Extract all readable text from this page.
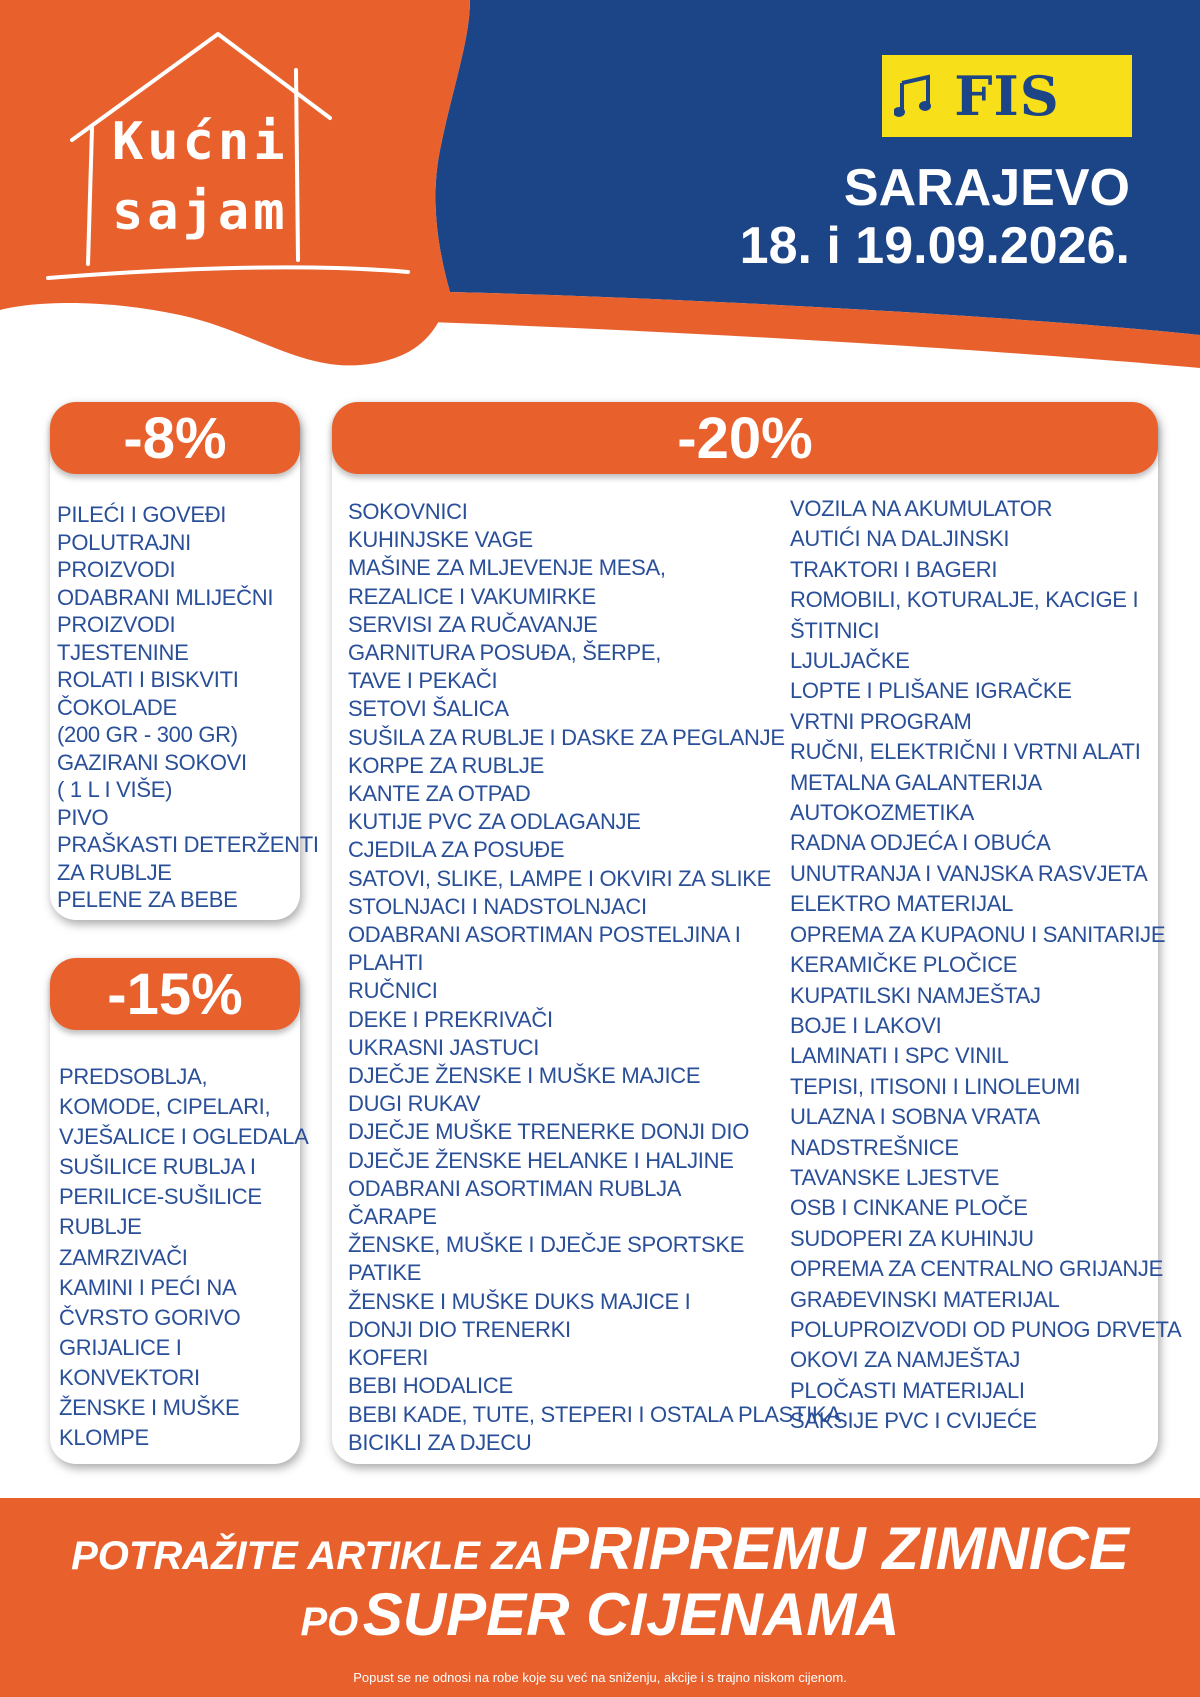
Kućni
sajam
FIS
SARAJEVO
18. i 19.09.2026.
-8%
PILEĆI I GOVEĐI
POLUTRAJNI
PROIZVODI
ODABRANI MLIJEČNI
PROIZVODI
TJESTENINE
ROLATI I BISKVITI
ČOKOLADE
(200 GR - 300 GR)
GAZIRANI SOKOVI
( 1 L I VIŠE)
PIVO
PRAŠKASTI DETERŽENTI
ZA RUBLJE
PELENE ZA BEBE
-15%
PREDSOBLJA,
KOMODE, CIPELARI,
VJEŠALICE I OGLEDALA
SUŠILICE RUBLJA I
PERILICE-SUŠILICE
RUBLJE
ZAMRZIVAČI
KAMINI I PEĆI NA
ČVRSTO GORIVO
GRIJALICE I
KONVEKTORI
ŽENSKE I MUŠKE
KLOMPE
-20%
SOKOVNICI
KUHINJSKE VAGE
MAŠINE ZA MLJEVENJE MESA,
REZALICE I VAKUMIRKE
SERVISI ZA RUČAVANJE
GARNITURA POSUĐA, ŠERPE,
TAVE I PEKAČI
SETOVI ŠALICA
SUŠILA ZA RUBLJE I DASKE ZA PEGLANJE
KORPE ZA RUBLJE
KANTE ZA OTPAD
KUTIJE PVC ZA ODLAGANJE
CJEDILA ZA POSUĐE
SATOVI, SLIKE, LAMPE I OKVIRI ZA SLIKE
STOLNJACI I NADSTOLNJACI
ODABRANI ASORTIMAN POSTELJINA I
PLAHTI
RUČNICI
DEKE I PREKRIVAČI
UKRASNI JASTUCI
DJEČJE ŽENSKE I MUŠKE MAJICE
DUGI RUKAV
DJEČJE MUŠKE TRENERKE DONJI DIO
DJEČJE ŽENSKE HELANKE I HALJINE
ODABRANI ASORTIMAN RUBLJA
ČARAPE
ŽENSKE, MUŠKE I DJEČJE SPORTSKE
PATIKE
ŽENSKE I MUŠKE DUKS MAJICE I
DONJI DIO TRENERKI
KOFERI
BEBI HODALICE
BEBI KADE, TUTE, STEPERI I OSTALA PLASTIKA
BICIKLI ZA DJECU
VOZILA NA AKUMULATOR
AUTIĆI NA DALJINSKI
TRAKTORI I BAGERI
ROMOBILI, KOTURALJE, KACIGE I
ŠTITNICI
LJULJAČKE
LOPTE I PLIŠANE IGRAČKE
VRTNI PROGRAM
RUČNI, ELEKTRIČNI I VRTNI ALATI
METALNA GALANTERIJA
AUTOKOZMETIKA
RADNA ODJEĆA I OBUĆA
UNUTRANJA I VANJSKA RASVJETA
ELEKTRO MATERIJAL
OPREMA ZA KUPAONU I SANITARIJE
KERAMIČKE PLOČICE
KUPATILSKI NAMJEŠTAJ
BOJE I LAKOVI
LAMINATI I SPC VINIL
TEPISI, ITISONI I LINOLEUMI
ULAZNA I SOBNA VRATA
NADSTREŠNICE
TAVANSKE LJESTVE
OSB I CINKANE PLOČE
SUDOPERI ZA KUHINJU
OPREMA ZA CENTRALNO GRIJANJE
GRAĐEVINSKI MATERIJAL
POLUPROIZVODI OD PUNOG DRVETA
OKOVI ZA NAMJEŠTAJ
PLOČASTI MATERIJALI
SAKSIJE PVC I CVIJEĆE
POTRAŽITE ARTIKLE ZA PRIPREMU ZIMNICE
PO SUPER CIJENAMA
Popust se ne odnosi na robe koje su već na sniženju, akcije i s trajno niskom cijenom.
